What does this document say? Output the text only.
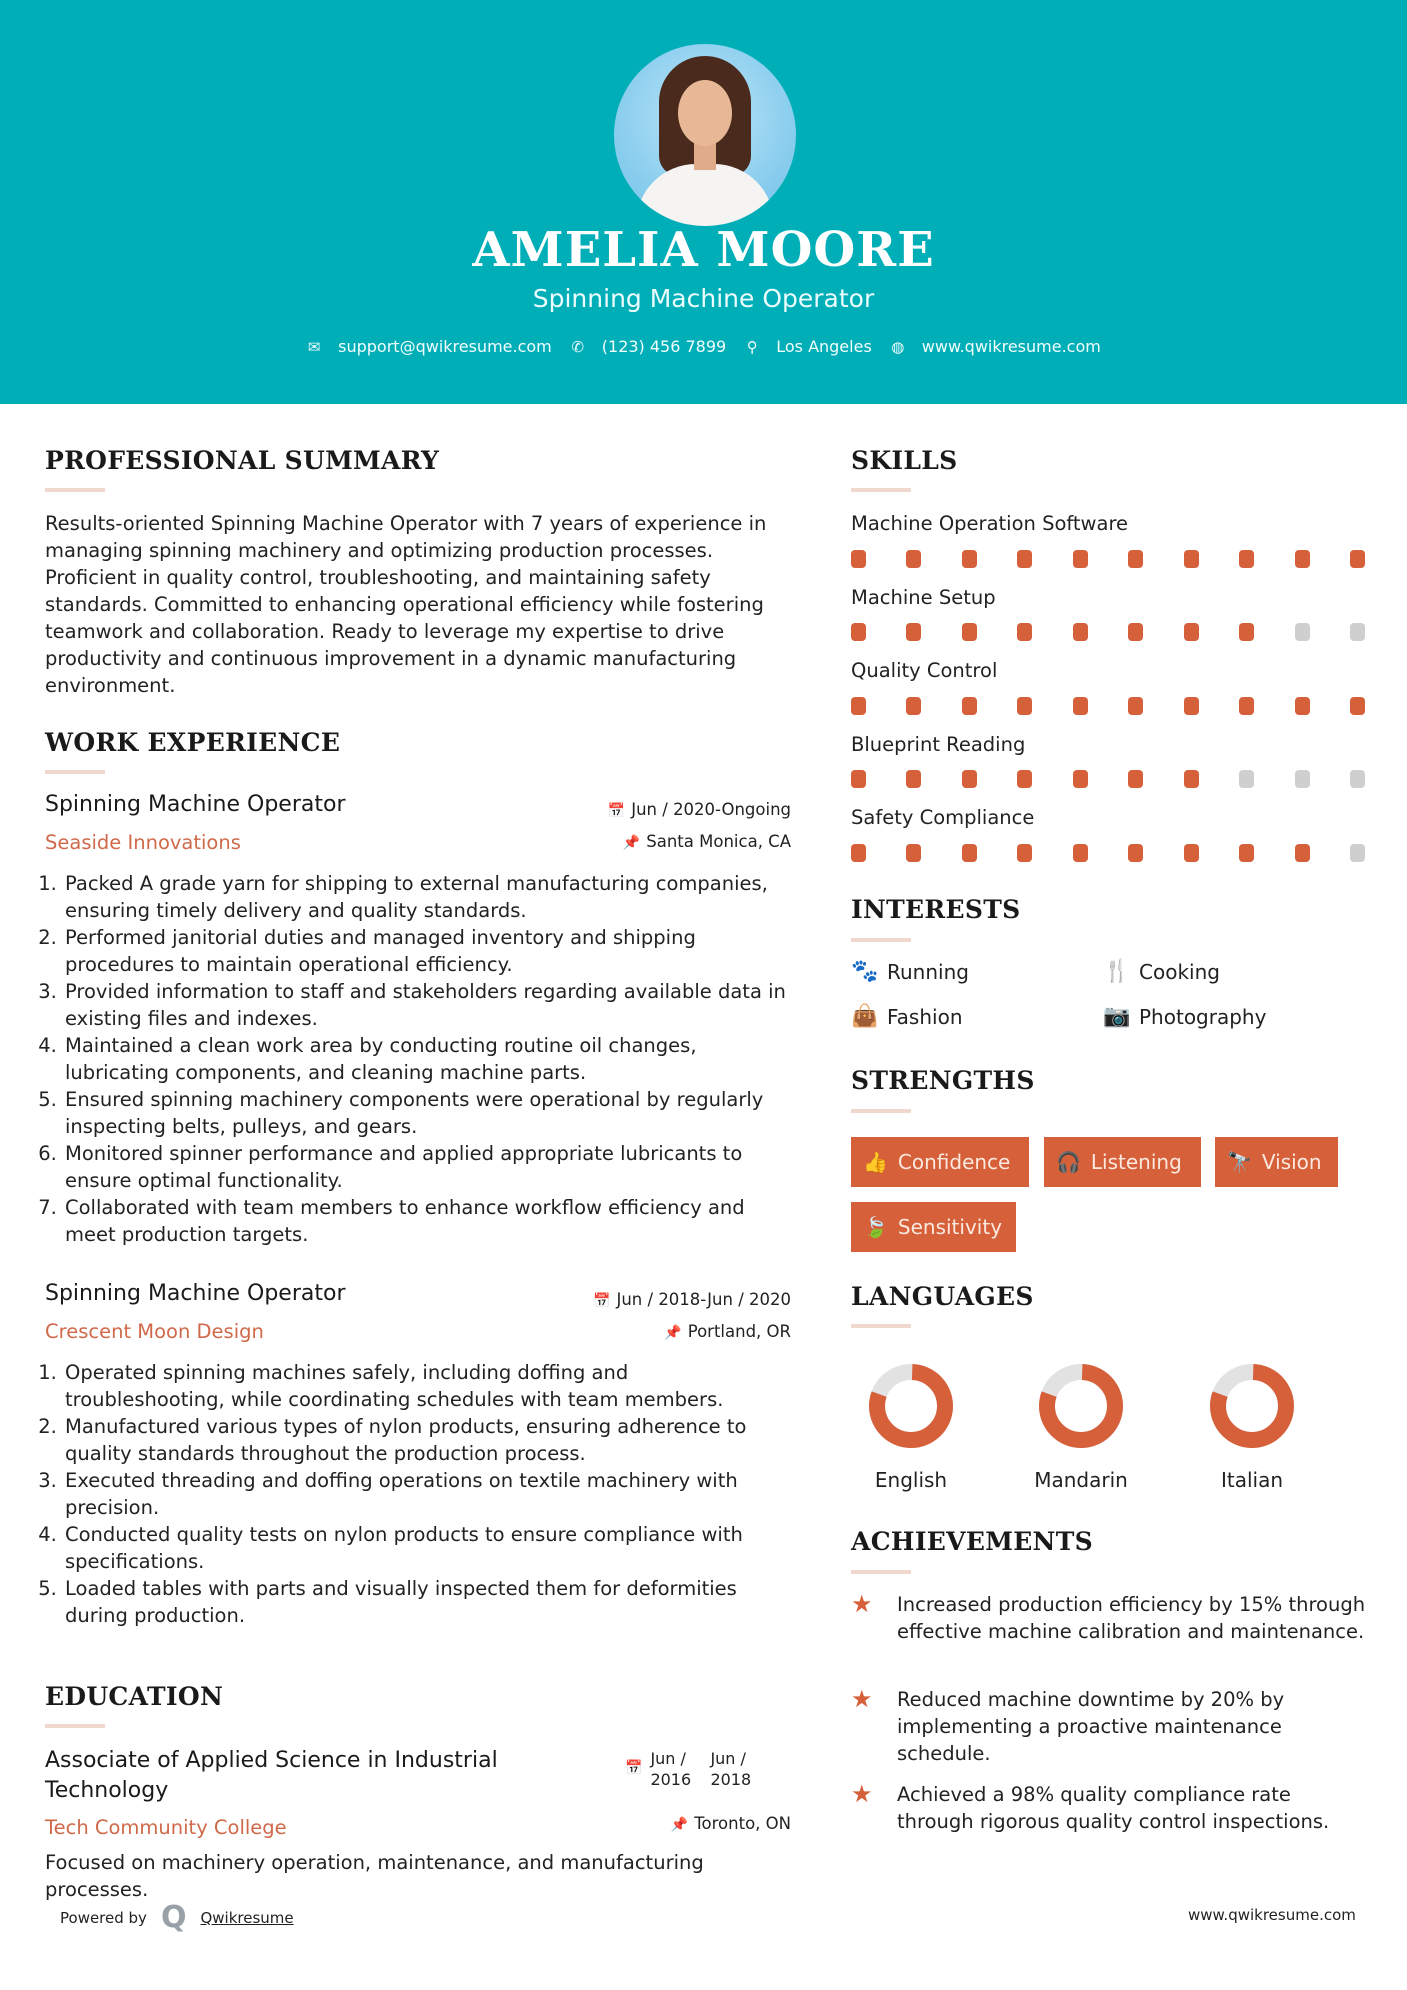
AMELIA MOORE
Spinning Machine Operator
✉ support@qwikresume.com ✆ (123) 456 7899 ⚲ Los Angeles ◍ www.qwikresume.com
PROFESSIONAL SUMMARY
Results-oriented Spinning Machine Operator with 7 years of experience in managing spinning machinery and optimizing production processes. Proficient in quality control, troubleshooting, and maintaining safety standards. Committed to enhancing operational efficiency while fostering teamwork and collaboration. Ready to leverage my expertise to drive productivity and continuous improvement in a dynamic manufacturing environment.
WORK EXPERIENCE
Spinning Machine Operator
Seaside Innovations
📅 Jun / 2020-Ongoing
📌 Santa Monica, CA
1. Packed A grade yarn for shipping to external manufacturing companies, ensuring timely delivery and quality standards.
2. Performed janitorial duties and managed inventory and shipping procedures to maintain operational efficiency.
3. Provided information to staff and stakeholders regarding available data in existing files and indexes.
4. Maintained a clean work area by conducting routine oil changes, lubricating components, and cleaning machine parts.
5. Ensured spinning machinery components were operational by regularly inspecting belts, pulleys, and gears.
6. Monitored spinner performance and applied appropriate lubricants to ensure optimal functionality.
7. Collaborated with team members to enhance workflow efficiency and meet production targets.
Spinning Machine Operator
Crescent Moon Design
📅 Jun / 2018-Jun / 2020
📌 Portland, OR
1. Operated spinning machines safely, including doffing and troubleshooting, while coordinating schedules with team members.
2. Manufactured various types of nylon products, ensuring adherence to quality standards throughout the production process.
3. Executed threading and doffing operations on textile machinery with precision.
4. Conducted quality tests on nylon products to ensure compliance with specifications.
5. Loaded tables with parts and visually inspected them for deformities during production.
EDUCATION
Associate of Applied Science in Industrial Technology
Tech Community College
📅 Jun / 2016
Jun / 2018
📌 Toronto, ON
Focused on machinery operation, maintenance, and manufacturing processes.
SKILLS
Machine Operation Software
Machine Setup
Quality Control
Blueprint Reading
Safety Compliance
INTERESTS
🐾 Running	🍴 Cooking
👜 Fashion	📷 Photography
STRENGTHS
👍 Confidence 🎧 Listening 🔭 Vision
🍃 Sensitivity
LANGUAGES
English	Mandarin	Italian
ACHIEVEMENTS
★	Increased production efficiency by 15% through effective machine calibration and maintenance.
★	Reduced machine downtime by 20% by implementing a proactive maintenance schedule.
★	Achieved a 98% quality compliance rate through rigorous quality control inspections.
Powered by Q Qwikresume	www.qwikresume.com
